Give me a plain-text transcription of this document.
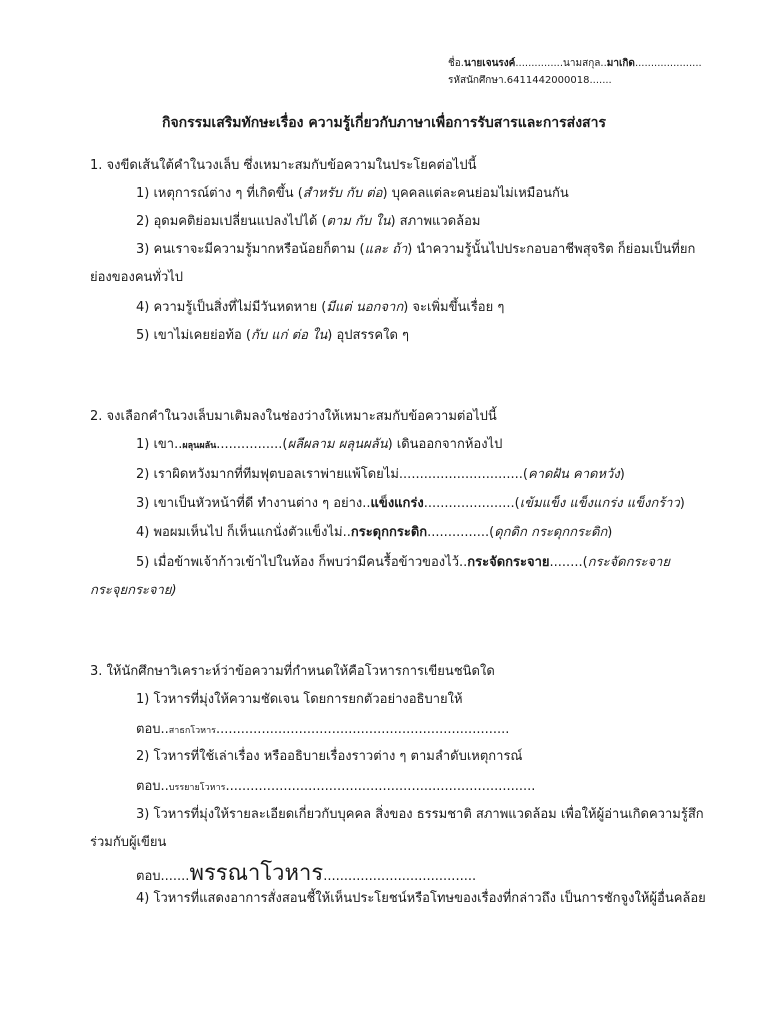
ชื่อ.นายเจนรงค์...............นามสกุล..มาเกิด.....................
รหัสนักศึกษา.6411442000018.......
กิจกรรมเสริมทักษะเรื่อง ความรู้เกี่ยวกับภาษาเพื่อการรับสารและการส่งสาร
1. จงขีดเส้นใต้คำในวงเล็บ ซึ่งเหมาะสมกับข้อความในประโยคต่อไปนี้
1) เหตุการณ์ต่าง ๆ ที่เกิดขึ้น (สำหรับ กับ ต่อ) บุคคลแต่ละคนย่อมไม่เหมือนกัน
2) อุดมคติย่อมเปลี่ยนแปลงไปได้ (ตาม กับ ใน) สภาพแวดล้อม
3) คนเราจะมีความรู้มากหรือน้อยก็ตาม (และ ถ้า) นำความรู้นั้นไปประกอบอาชีพสุจริต ก็ย่อมเป็นที่ยก
ย่องของคนทั่วไป
4) ความรู้เป็นสิ่งที่ไม่มีวันหดหาย (มีแต่ นอกจาก) จะเพิ่มขึ้นเรื่อย ๆ
5) เขาไม่เคยย่อท้อ (กับ แก่ ต่อ ใน) อุปสรรคใด ๆ
2. จงเลือกคำในวงเล็บมาเติมลงในช่องว่างให้เหมาะสมกับข้อความต่อไปนี้
1) เขา..ผลุนผลัน................(ผลีผลาม ผลุนผลัน) เดินออกจากห้องไป
2) เราผิดหวังมากที่ทีมฟุตบอลเราพ่ายแพ้โดยไม่..............................(คาดฝัน คาดหวัง)
3) เขาเป็นหัวหน้าที่ดี ทำงานต่าง ๆ อย่าง..แข็งแกร่ง......................(เข้มแข็ง แข็งแกร่ง แข็งกร้าว)
4) พอผมเห็นไป ก็เห็นแกนั่งตัวแข็งไม่..กระดุกกระดิก...............(ดุกดิก กระดุกกระดิก)
5) เมื่อข้าพเจ้าก้าวเข้าไปในห้อง ก็พบว่ามีคนรื้อข้าวของไว้..กระจัดกระจาย........(กระจัดกระจาย
กระจุยกระจาย)
3. ให้นักศึกษาวิเคราะห์ว่าข้อความที่กำหนดให้คือโวหารการเขียนชนิดใด
1) โวหารที่มุ่งให้ความชัดเจน โดยการยกตัวอย่างอธิบายให้
ตอบ..สาธกโวหาร.......................................................................
2) โวหารที่ใช้เล่าเรื่อง หรืออธิบายเรื่องราวต่าง ๆ ตามลำดับเหตุการณ์
ตอบ..บรรยายโวหาร...........................................................................
3) โวหารที่มุ่งให้รายละเอียดเกี่ยวกับบุคคล สิ่งของ ธรรมชาติ สภาพแวดล้อม เพื่อให้ผู้อ่านเกิดความรู้สึก
ร่วมกับผู้เขียน
ตอบ.......พรรณาโวหาร.....................................
4) โวหารที่แสดงอาการสั่งสอนชี้ให้เห็นประโยชน์หรือโทษของเรื่องที่กล่าวถึง เป็นการชักจูงให้ผู้อื่นคล้อย
